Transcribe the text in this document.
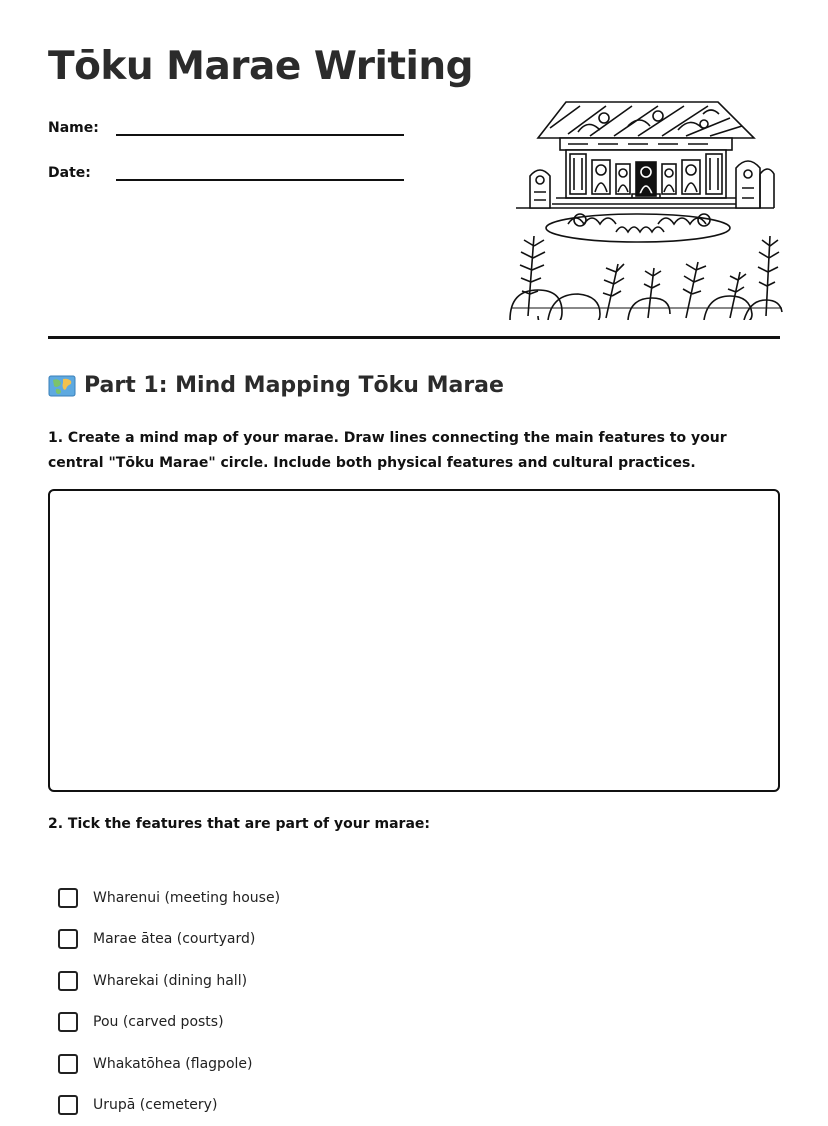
Tōku Marae Writing
Name:
Date:
Part 1: Mind Mapping Tōku Marae

1. Create a mind map of your marae. Draw lines connecting the main features to your central "Tōku Marae" circle. Include both physical features and cultural practices.

2. Tick the features that are part of your marae:

Wharenui (meeting house)
Marae ātea (courtyard)
Wharekai (dining hall)
Pou (carved posts)
Whakatōhea (flagpole)
Urupā (cemetery)
